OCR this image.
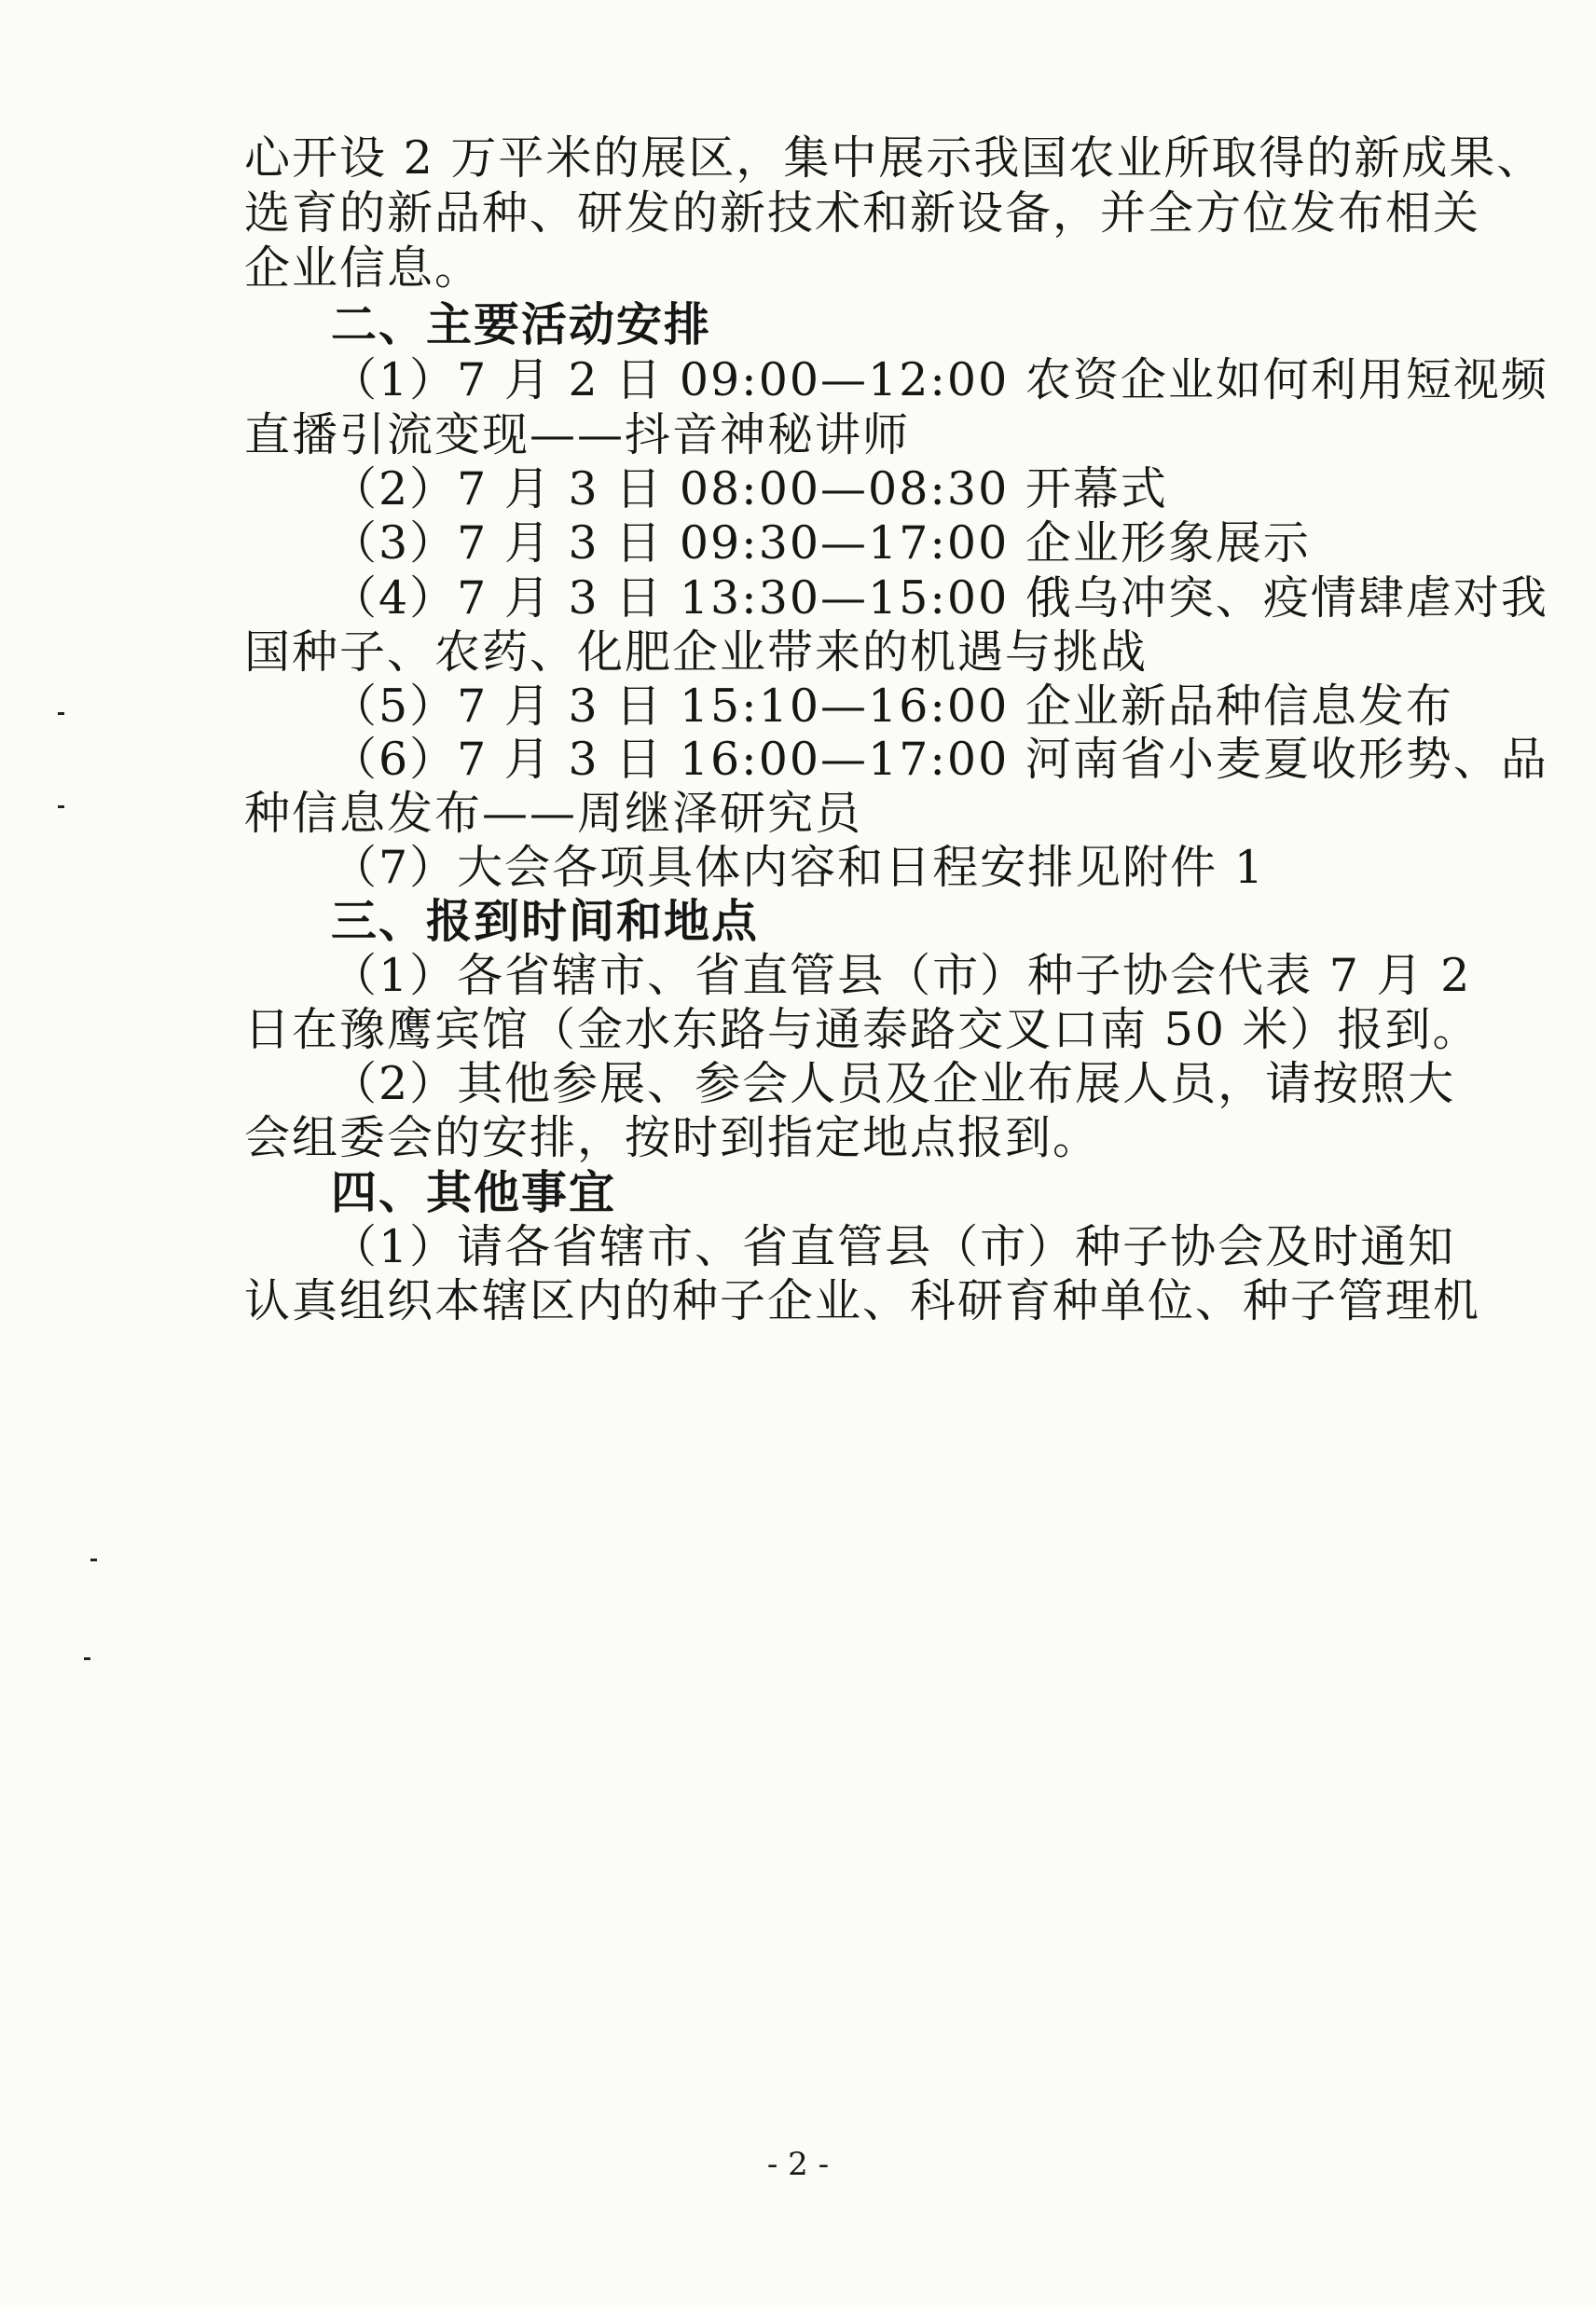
心开设 2 万平米的展区，集中展示我国农业所取得的新成果、
选育的新品种、研发的新技术和新设备，并全方位发布相关
企业信息。
二、主要活动安排
（1）7 月 2 日 09:00—12:00 农资企业如何利用短视频
直播引流变现——抖音神秘讲师
（2）7 月 3 日 08:00—08:30 开幕式
（3）7 月 3 日 09:30—17:00 企业形象展示
（4）7 月 3 日 13:30—15:00 俄乌冲突、疫情肆虐对我
国种子、农药、化肥企业带来的机遇与挑战
（5）7 月 3 日 15:10—16:00 企业新品种信息发布
（6）7 月 3 日 16:00—17:00 河南省小麦夏收形势、品
种信息发布——周继泽研究员
（7）大会各项具体内容和日程安排见附件 1
三、报到时间和地点
（1）各省辖市、省直管县（市）种子协会代表 7 月 2
日在豫鹰宾馆（金水东路与通泰路交叉口南 50 米）报到。
（2）其他参展、参会人员及企业布展人员，请按照大
会组委会的安排，按时到指定地点报到。
四、其他事宜
（1）请各省辖市、省直管县（市）种子协会及时通知
认真组织本辖区内的种子企业、科研育种单位、种子管理机
- 2 -
